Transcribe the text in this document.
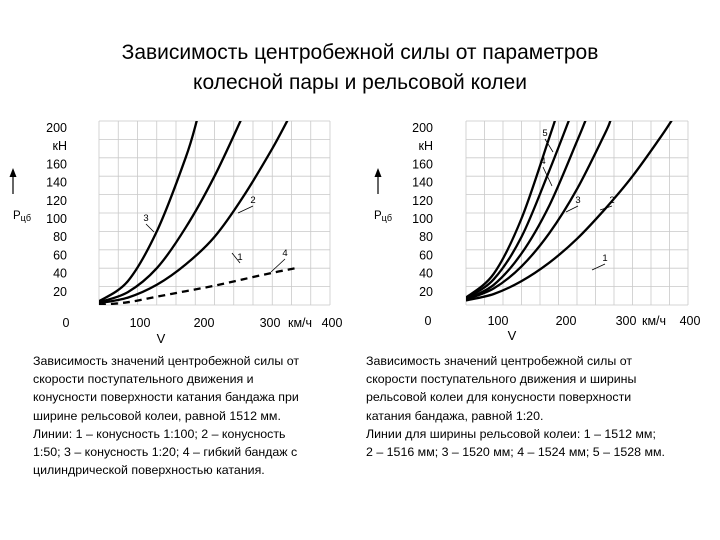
Зависимость центробежной силы от параметров
колесной пары и рельсовой колеи
200
кН
160
140
120
100
80
60
40
20
0	100	200	300 км/ч 400
V
Pцб
1
2
3
4
200
кН
160
140
120
100
80
60
40
20
0	100	200	300 км/ч 400
V
Pцб
1
2
3
4
5
Зависимость значений центробежной силы от
скорости поступательного движения и
конусности поверхности катания бандажа при
ширине рельсовой колеи, равной 1512 мм.
Линии: 1 – конусность 1:100; 2 – конусность
1:50; 3 – конусность 1:20; 4 – гибкий бандаж с
цилиндрической поверхностью катания.
Зависимость значений центробежной силы от
скорости поступательного движения и ширины
рельсовой колеи для конусности поверхности
катания бандажа, равной 1:20.
Линии для ширины рельсовой колеи: 1 – 1512 мм;
2 – 1516 мм; 3 – 1520 мм; 4 – 1524 мм; 5 – 1528 мм.
